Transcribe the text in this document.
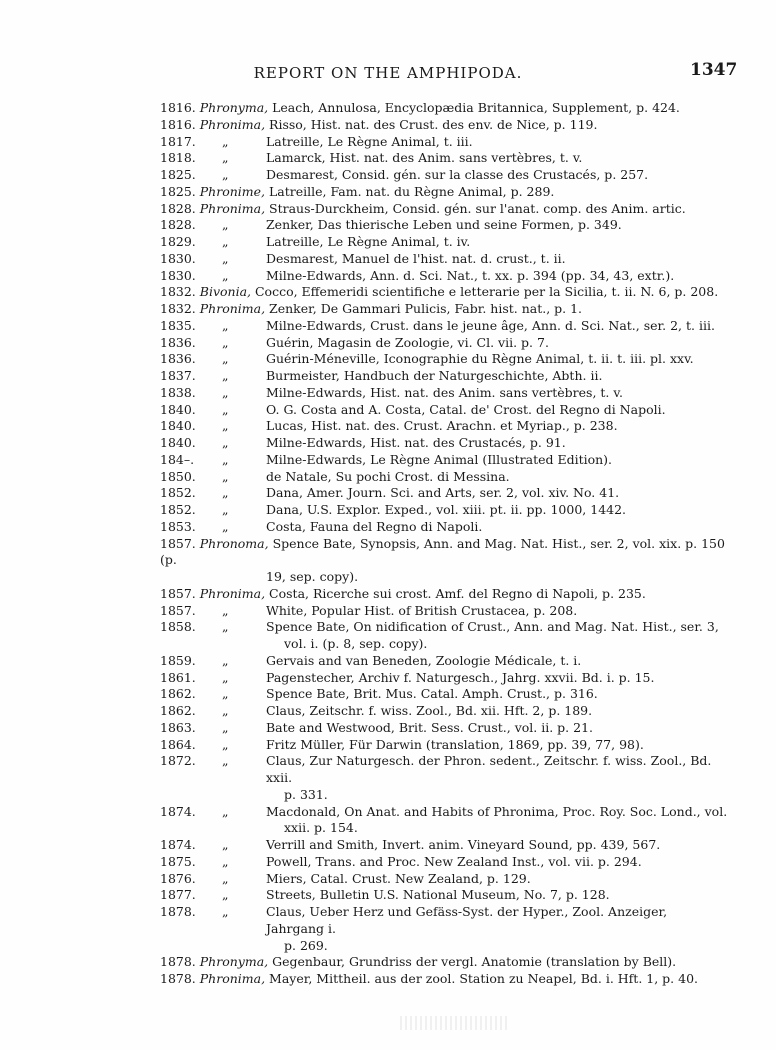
REPORT ON THE AMPHIPODA.	1347
1816. Phronyma, Leach, Annulosa, Encyclopædia Britannica, Supplement, p. 424.
1816. Phronima, Risso, Hist. nat. des Crust. des env. de Nice, p. 119.
1817. „	Latreille, Le Règne Animal, t. iii.
1818. „	Lamarck, Hist. nat. des Anim. sans vertèbres, t. v.
1825. „	Desmarest, Consid. gén. sur la classe des Crustacés, p. 257.
1825. Phronime, Latreille, Fam. nat. du Règne Animal, p. 289.
1828. Phronima, Straus-Durckheim, Consid. gén. sur l'anat. comp. des Anim. artic.
1828. „	Zenker, Das thierische Leben und seine Formen, p. 349.
1829. „	Latreille, Le Règne Animal, t. iv.
1830. „	Desmarest, Manuel de l'hist. nat. d. crust., t. ii.
1830. „	Milne-Edwards, Ann. d. Sci. Nat., t. xx. p. 394 (pp. 34, 43, extr.).
1832. Bivonia, Cocco, Effemeridi scientifiche e letterarie per la Sicilia, t. ii. N. 6, p. 208.
1832. Phronima, Zenker, De Gammari Pulicis, Fabr. hist. nat., p. 1.
1835. „	Milne-Edwards, Crust. dans le jeune âge, Ann. d. Sci. Nat., ser. 2, t. iii.
1836. „	Guérin, Magasin de Zoologie, vi. Cl. vii. p. 7.
1836. „	Guérin-Méneville, Iconographie du Règne Animal, t. ii. t. iii. pl. xxv.
1837. „	Burmeister, Handbuch der Naturgeschichte, Abth. ii.
1838. „	Milne-Edwards, Hist. nat. des Anim. sans vertèbres, t. v.
1840. „	O. G. Costa and A. Costa, Catal. de' Crost. del Regno di Napoli.
1840. „	Lucas, Hist. nat. des. Crust. Arachn. et Myriap., p. 238.
1840. „	Milne-Edwards, Hist. nat. des Crustacés, p. 91.
184–. „	Milne-Edwards, Le Règne Animal (Illustrated Edition).
1850. „	de Natale, Su pochi Crost. di Messina.
1852. „	Dana, Amer. Journ. Sci. and Arts, ser. 2, vol. xiv. No. 41.
1852. „	Dana, U.S. Explor. Exped., vol. xiii. pt. ii. pp. 1000, 1442.
1853. „	Costa, Fauna del Regno di Napoli.
1857. Phronoma, Spence Bate, Synopsis, Ann. and Mag. Nat. Hist., ser. 2, vol. xix. p. 150 (p.
19, sep. copy).
1857. Phronima, Costa, Ricerche sui crost. Amf. del Regno di Napoli, p. 235.
1857. „	White, Popular Hist. of British Crustacea, p. 208.
1858. „	Spence Bate, On nidification of Crust., Ann. and Mag. Nat. Hist., ser. 3,
vol. i. (p. 8, sep. copy).
1859. „	Gervais and van Beneden, Zoologie Médicale, t. i.
1861. „	Pagenstecher, Archiv f. Naturgesch., Jahrg. xxvii. Bd. i. p. 15.
1862. „	Spence Bate, Brit. Mus. Catal. Amph. Crust., p. 316.
1862. „	Claus, Zeitschr. f. wiss. Zool., Bd. xii. Hft. 2, p. 189.
1863. „	Bate and Westwood, Brit. Sess. Crust., vol. ii. p. 21.
1864. „	Fritz Müller, Für Darwin (translation, 1869, pp. 39, 77, 98).
1872. „	Claus, Zur Naturgesch. der Phron. sedent., Zeitschr. f. wiss. Zool., Bd. xxii.
p. 331.
1874. „	Macdonald, On Anat. and Habits of Phronima, Proc. Roy. Soc. Lond., vol.
xxii. p. 154.
1874. „	Verrill and Smith, Invert. anim. Vineyard Sound, pp. 439, 567.
1875. „	Powell, Trans. and Proc. New Zealand Inst., vol. vii. p. 294.
1876. „	Miers, Catal. Crust. New Zealand, p. 129.
1877. „	Streets, Bulletin U.S. National Museum, No. 7, p. 128.
1878. „	Claus, Ueber Herz und Gefäss-Syst. der Hyper., Zool. Anzeiger, Jahrgang i.
p. 269.
1878. Phronyma, Gegenbaur, Grundriss der vergl. Anatomie (translation by Bell).
1878. Phronima, Mayer, Mittheil. aus der zool. Station zu Neapel, Bd. i. Hft. 1, p. 40.
